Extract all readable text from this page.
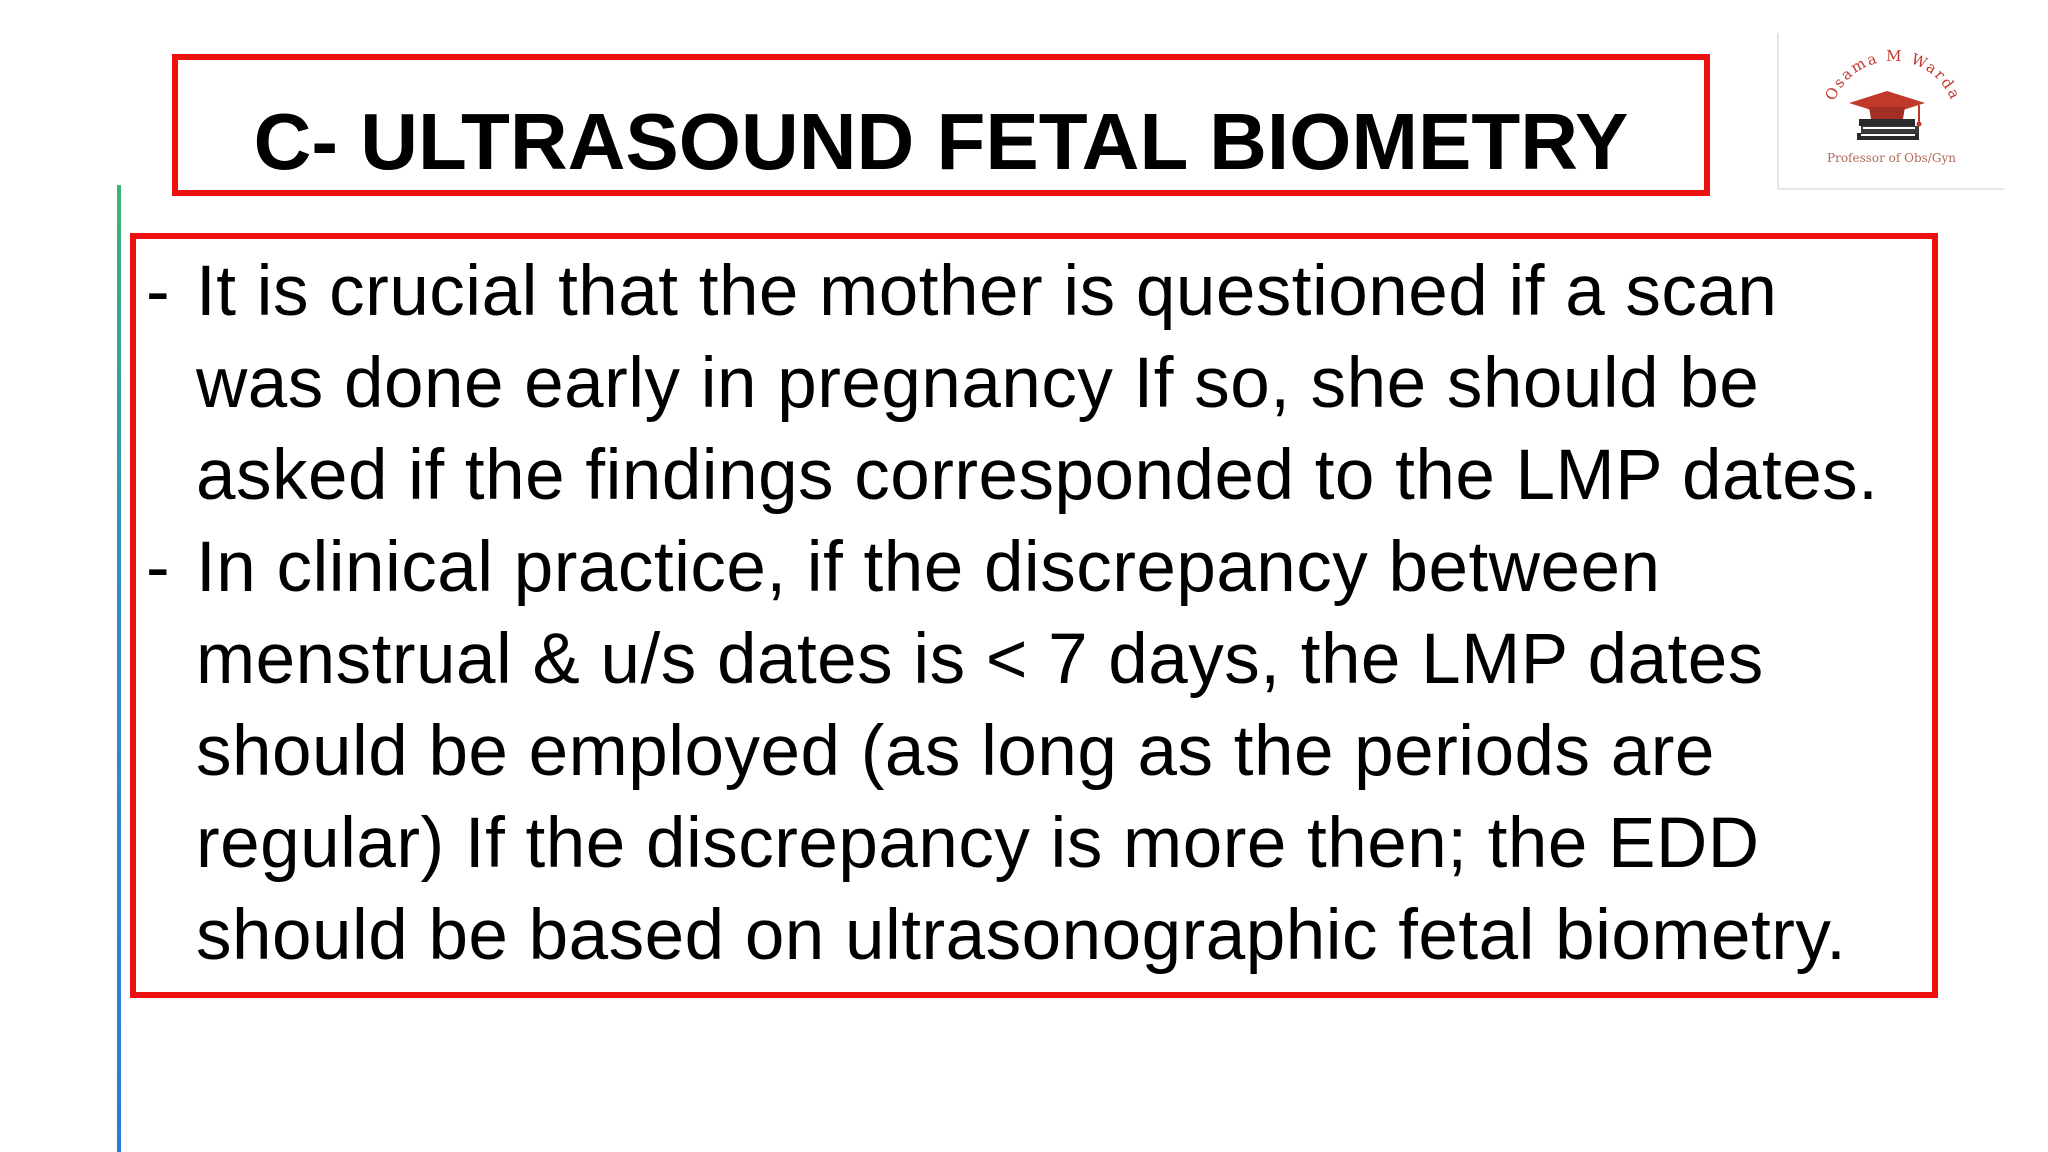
C- ULTRASOUND FETAL BIOMETRY
Osama M Warda
Professor of Obs/Gyn
- It is crucial that the mother is questioned if a scan was done early in pregnancy If so, she should be asked if the findings corresponded to the LMP dates.
- In clinical practice, if the discrepancy between menstrual & u/s dates is < 7 days, the LMP dates should be employed (as long as the periods are regular) If the discrepancy is more then; the EDD should be based on ultrasonographic fetal biometry.
